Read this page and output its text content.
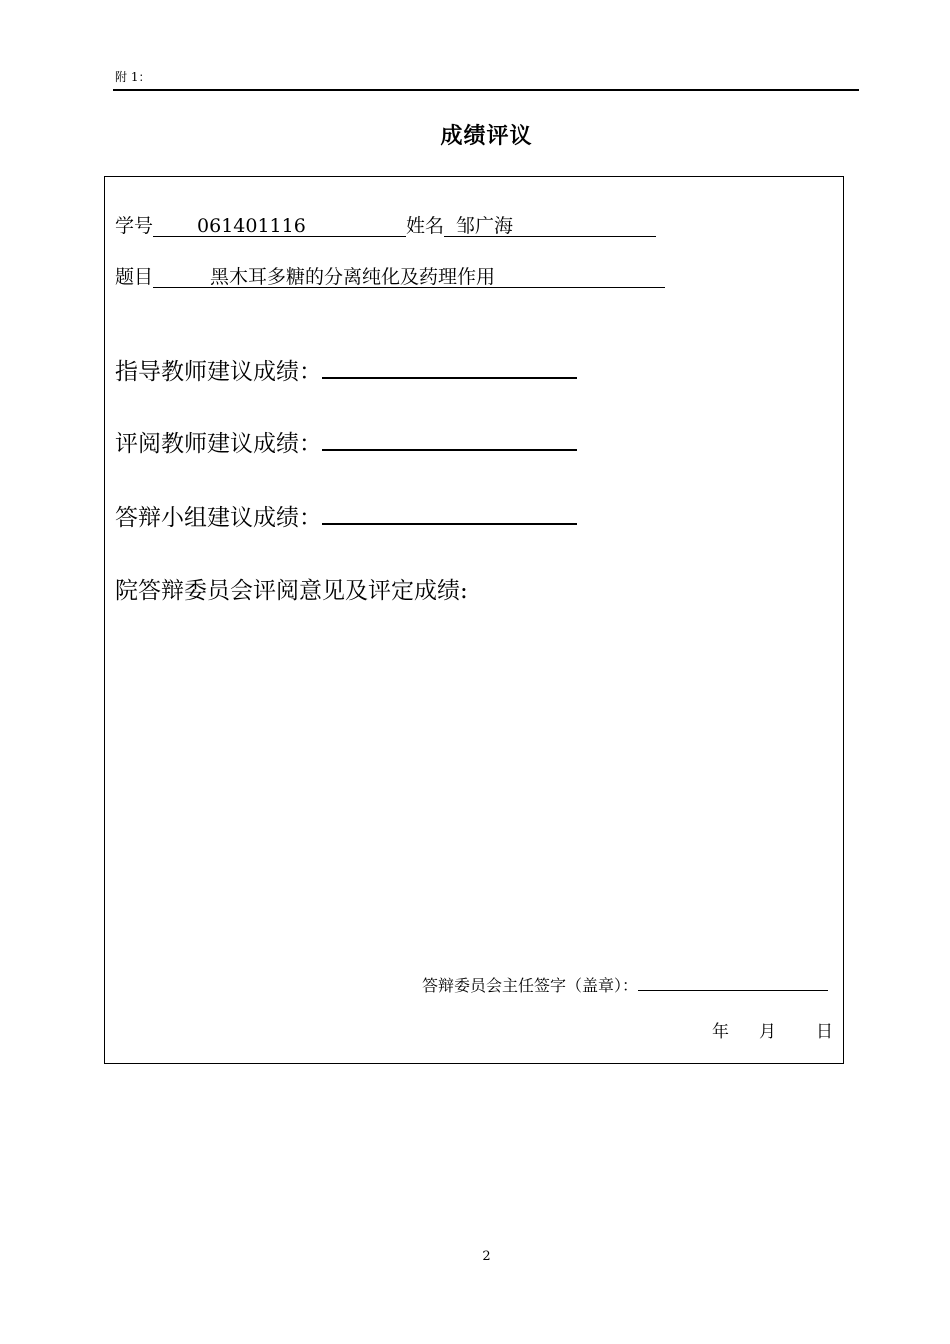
附 1：
成绩评议
学号 061401116	姓名 邹广海
题目	黑木耳多糖的分离纯化及药理作用
指导教师建议成绩：
评阅教师建议成绩：
答辩小组建议成绩：
院答辩委员会评阅意见及评定成绩:
答辩委员会主任签字（盖章）：
年 月 日
2
